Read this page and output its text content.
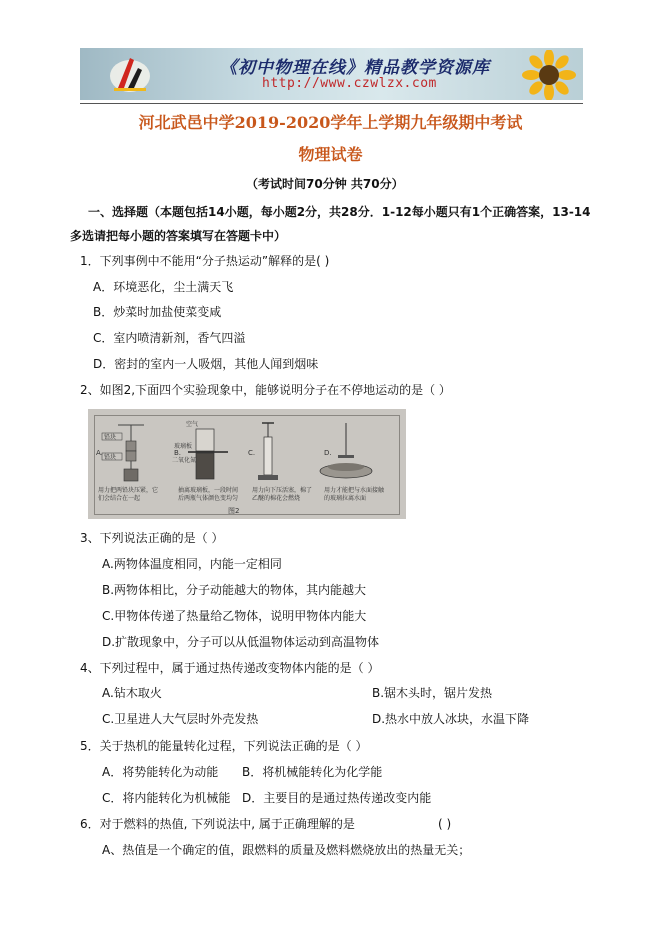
《初中物理在线》精品教学资源库
http://www.czwlzx.com
河北武邑中学2019-2020学年上学期九年级期中考试
物理试卷
（考试时间70分钟 共70分）
一、选择题（本题包括14小题，每小题2分，共28分．1-12每小题只有1个正确答案，13-14
多选请把每小题的答案填写在答题卡中）
1．下列事例中不能用“分子热运动”解释的是( )
A．环境恶化，尘土满天飞
B．炒菜时加盐使菜变咸
C．室内喷清新剂，香气四溢
D．密封的室内一人吸烟，其他人闻到烟味
2、如图2,下面四个实验现象中，能够说明分子在不停地运动的是（ ）
A.	B.	C.	D.
铅块
铅块
空气
玻璃板
二氧化氮
用力把两铅块压紧，它们会结合在一起
抽离玻璃板，一段时间后两瓶气体颜色变均匀
用力向下压活塞，棉了乙醚的棉花会燃烧
用力才能把与水面接触的玻璃拉离水面
图2
3、下列说法正确的是（ ）
A.两物体温度相同，内能一定相同
B.两物体相比，分子动能越大的物体，其内能越大
C.甲物体传递了热量给乙物体，说明甲物体内能大
D.扩散现象中，分子可以从低温物体运动到高温物体
4、下列过程中，属于通过热传递改变物体内能的是（ ）
A.钻木取火	B.锯木头时，锯片发热
C.卫星进人大气层时外壳发热	D.热水中放人冰块，水温下降
5．关于热机的能量转化过程，下列说法正确的是（ ）
A．将势能转化为动能 B．将机械能转化为化学能
C．将内能转化为机械能 D．主要目的是通过热传递改变内能
6．对于燃料的热值, 下列说法中, 属于正确理解的是	( )
A、热值是一个确定的值，跟燃料的质量及燃料燃烧放出的热量无关；
